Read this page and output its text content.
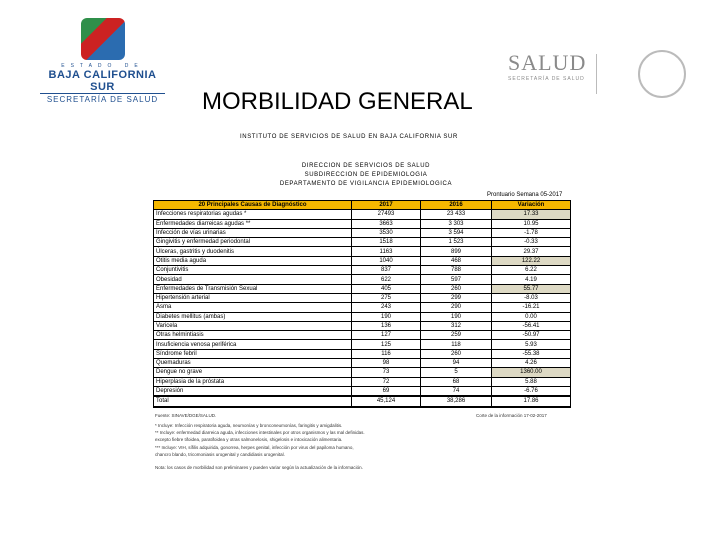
ESTADO DE
BAJA CALIFORNIA SUR
SECRETARÍA DE SALUD
SALUD
SECRETARÍA DE SALUD
MORBILIDAD GENERAL
INSTITUTO DE SERVICIOS DE SALUD EN BAJA CALIFORNIA SUR
DIRECCION DE SERVICIOS DE SALUD
SUBDIRECCION DE EPIDEMIOLOGIA
DEPARTAMENTO DE VIGILANCIA EPIDEMIOLOGICA
Prontuario Semana 05-2017
20 Principales Causas de Diagnóstico	2017	2016	Variación
Infecciones respiratorias agudas *	27493	23 433	17.33
Enfermedades diarreicas agudas **	3663	3 303	10.95
Infección de vías urinarias	3530	3 594	-1.78
Gingivitis y enfermedad periodontal	1518	1 523	-0.33
Úlceras, gastritis y duodenitis	1163	899	29.37
Otitis media aguda	1040	468	122.22
Conjuntivitis	837	788	6.22
Obesidad	622	597	4.19
Enfermedades de Transmisión Sexual	405	260	55.77
Hipertensión arterial	275	299	-8.03
Asma	243	290	-16.21
Diabetes mellitus (ambas)	190	190	0.00
Varicela	136	312	-56.41
Otras helmintiasis	127	259	-50.97
Insuficiencia venosa periférica	125	118	5.93
Síndrome febril	116	260	-55.38
Quemaduras	98	94	4.26
Dengue no grave	73	5	1360.00
Hiperplasia de la próstata	72	68	5.88
Depresión	69	74	-6.76
Total	45,124	38,286	17.86
Fuente: SINAVE/DGE/SALUD.	Corte de la información 17-02-2017
* Incluye: Infección respiratoria aguda, neumonías y bronconeumonías, faringitis y amigdalitis.
** Incluye: enfermedad diarreica aguda, infecciones intestinales por otros organismos y las mal definidas.
excepto fiebre tifoidea, paratifoidea y otras salmonelosis, shigelosis e intoxicación alimentaria.
*** Incluye: VIH, sífilis adquirida, gonorrea, herpes genital, infección por virus del papiloma humano,
chancro blando, tricomoniasis urogenital y candidiasis urogenital.
Nota: los casos de morbilidad son preliminares y pueden variar según la actualización de la información.
